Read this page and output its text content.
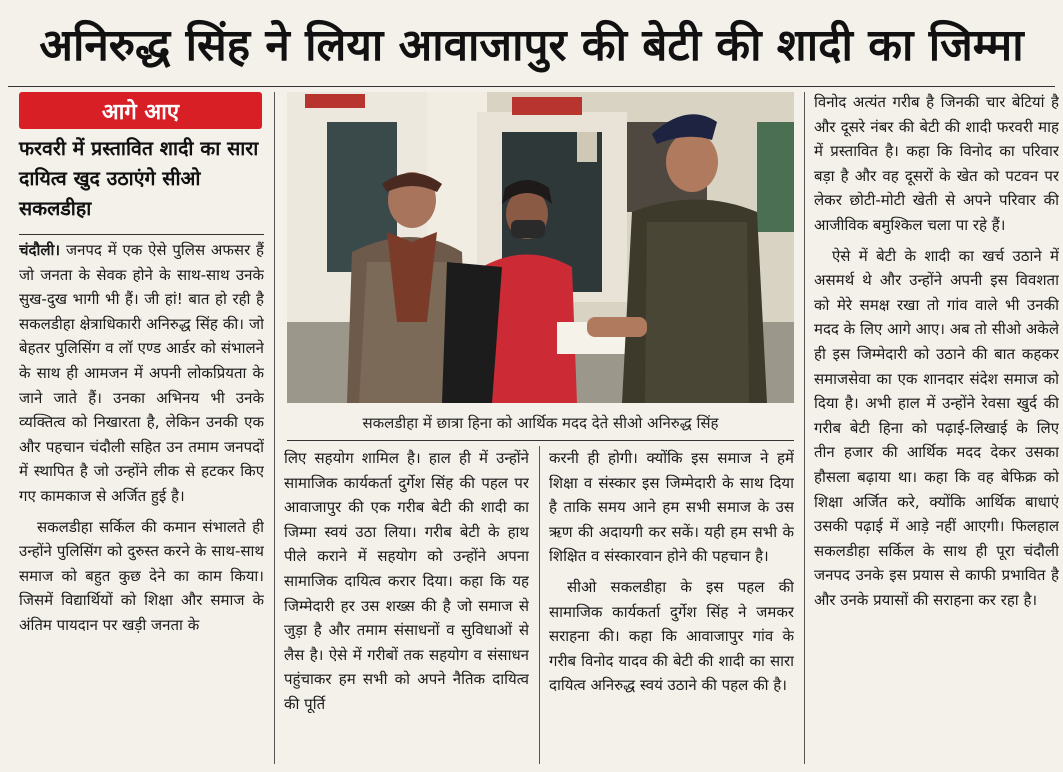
अनिरुद्ध सिंह ने लिया आवाजापुर की बेटी की शादी का जिम्मा
आगे आए
फरवरी में प्रस्तावित शादी का सारा दायित्व खुद उठाएंगे सीओ सकलडीहा

चंदौली। जनपद में एक ऐसे पुलिस अफसर हैं जो जनता के सेवक होने के साथ-साथ उनके सुख-दुख भागी भी हैं। जी हां! बात हो रही है सकलडीहा क्षेत्राधिकारी अनिरुद्ध सिंह की। जो बेहतर पुलिसिंग व लॉ एण्ड आर्डर को संभालने के साथ ही आमजन में अपनी लोकप्रियता के जाने जाते हैं। उनका अभिनय भी उनके व्यक्तित्व को निखारता है, लेकिन उनकी एक और पहचान चंदौली सहित उन तमाम जनपदों में स्थापित है जो उन्होंने लीक से हटकर किए गए कामकाज से अर्जित हुई है।

सकलडीहा सर्किल की कमान संभालते ही उन्होंने पुलिसिंग को दुरुस्त करने के साथ-साथ समाज को बहुत कुछ देने का काम किया। जिसमें विद्यार्थियों को शिक्षा और समाज के अंतिम पायदान पर खड़ी जनता के

सकलडीहा में छात्रा हिना को आर्थिक मदद देते सीओ अनिरुद्ध सिंह

लिए सहयोग शामिल है। हाल ही में उन्होंने सामाजिक कार्यकर्ता दुर्गेश सिंह की पहल पर आवाजापुर की एक गरीब बेटी की शादी का जिम्मा स्वयं उठा लिया। गरीब बेटी के हाथ पीले कराने में सहयोग को उन्होंने अपना सामाजिक दायित्व करार दिया। कहा कि यह जिम्मेदारी हर उस शख्स की है जो समाज से जुड़ा है और तमाम संसाधनों व सुविधाओं से लैस है। ऐसे में गरीबों तक सहयोग व संसाधन पहुंचाकर हम सभी को अपने नैतिक दायित्व की पूर्ति

करनी ही होगी। क्योंकि इस समाज ने हमें शिक्षा व संस्कार इस जिम्मेदारी के साथ दिया है ताकि समय आने हम सभी समाज के उस ऋण की अदायगी कर सकें। यही हम सभी के शिक्षित व संस्कारवान होने की पहचान है।

सीओ सकलडीहा के इस पहल की सामाजिक कार्यकर्ता दुर्गेश सिंह ने जमकर सराहना की। कहा कि आवाजापुर गांव के गरीब विनोद यादव की बेटी की शादी का सारा दायित्व अनिरुद्ध स्वयं उठाने की पहल की है।

विनोद अत्यंत गरीब है जिनकी चार बेटियां है और दूसरे नंबर की बेटी की शादी फरवरी माह में प्रस्तावित है। कहा कि विनोद का परिवार बड़ा है और वह दूसरों के खेत को पटवन पर लेकर छोटी-मोटी खेती से अपने परिवार की आजीविक बमुश्किल चला पा रहे हैं।

ऐसे में बेटी के शादी का खर्च उठाने में असमर्थ थे और उन्होंने अपनी इस विवशता को मेरे समक्ष रखा तो गांव वाले भी उनकी मदद के लिए आगे आए। अब तो सीओ अकेले ही इस जिम्मेदारी को उठाने की बात कहकर समाजसेवा का एक शानदार संदेश समाज को दिया है। अभी हाल में उन्होंने रेवसा खुर्द की गरीब बेटी हिना को पढ़ाई-लिखाई के लिए तीन हजार की आर्थिक मदद देकर उसका हौसला बढ़ाया था। कहा कि वह बेफिक्र को शिक्षा अर्जित करे, क्योंकि आर्थिक बाधाएं उसकी पढ़ाई में आड़े नहीं आएगी। फिलहाल सकलडीहा सर्किल के साथ ही पूरा चंदौली जनपद उनके इस प्रयास से काफी प्रभावित है और उनके प्रयासों की सराहना कर रहा है।
